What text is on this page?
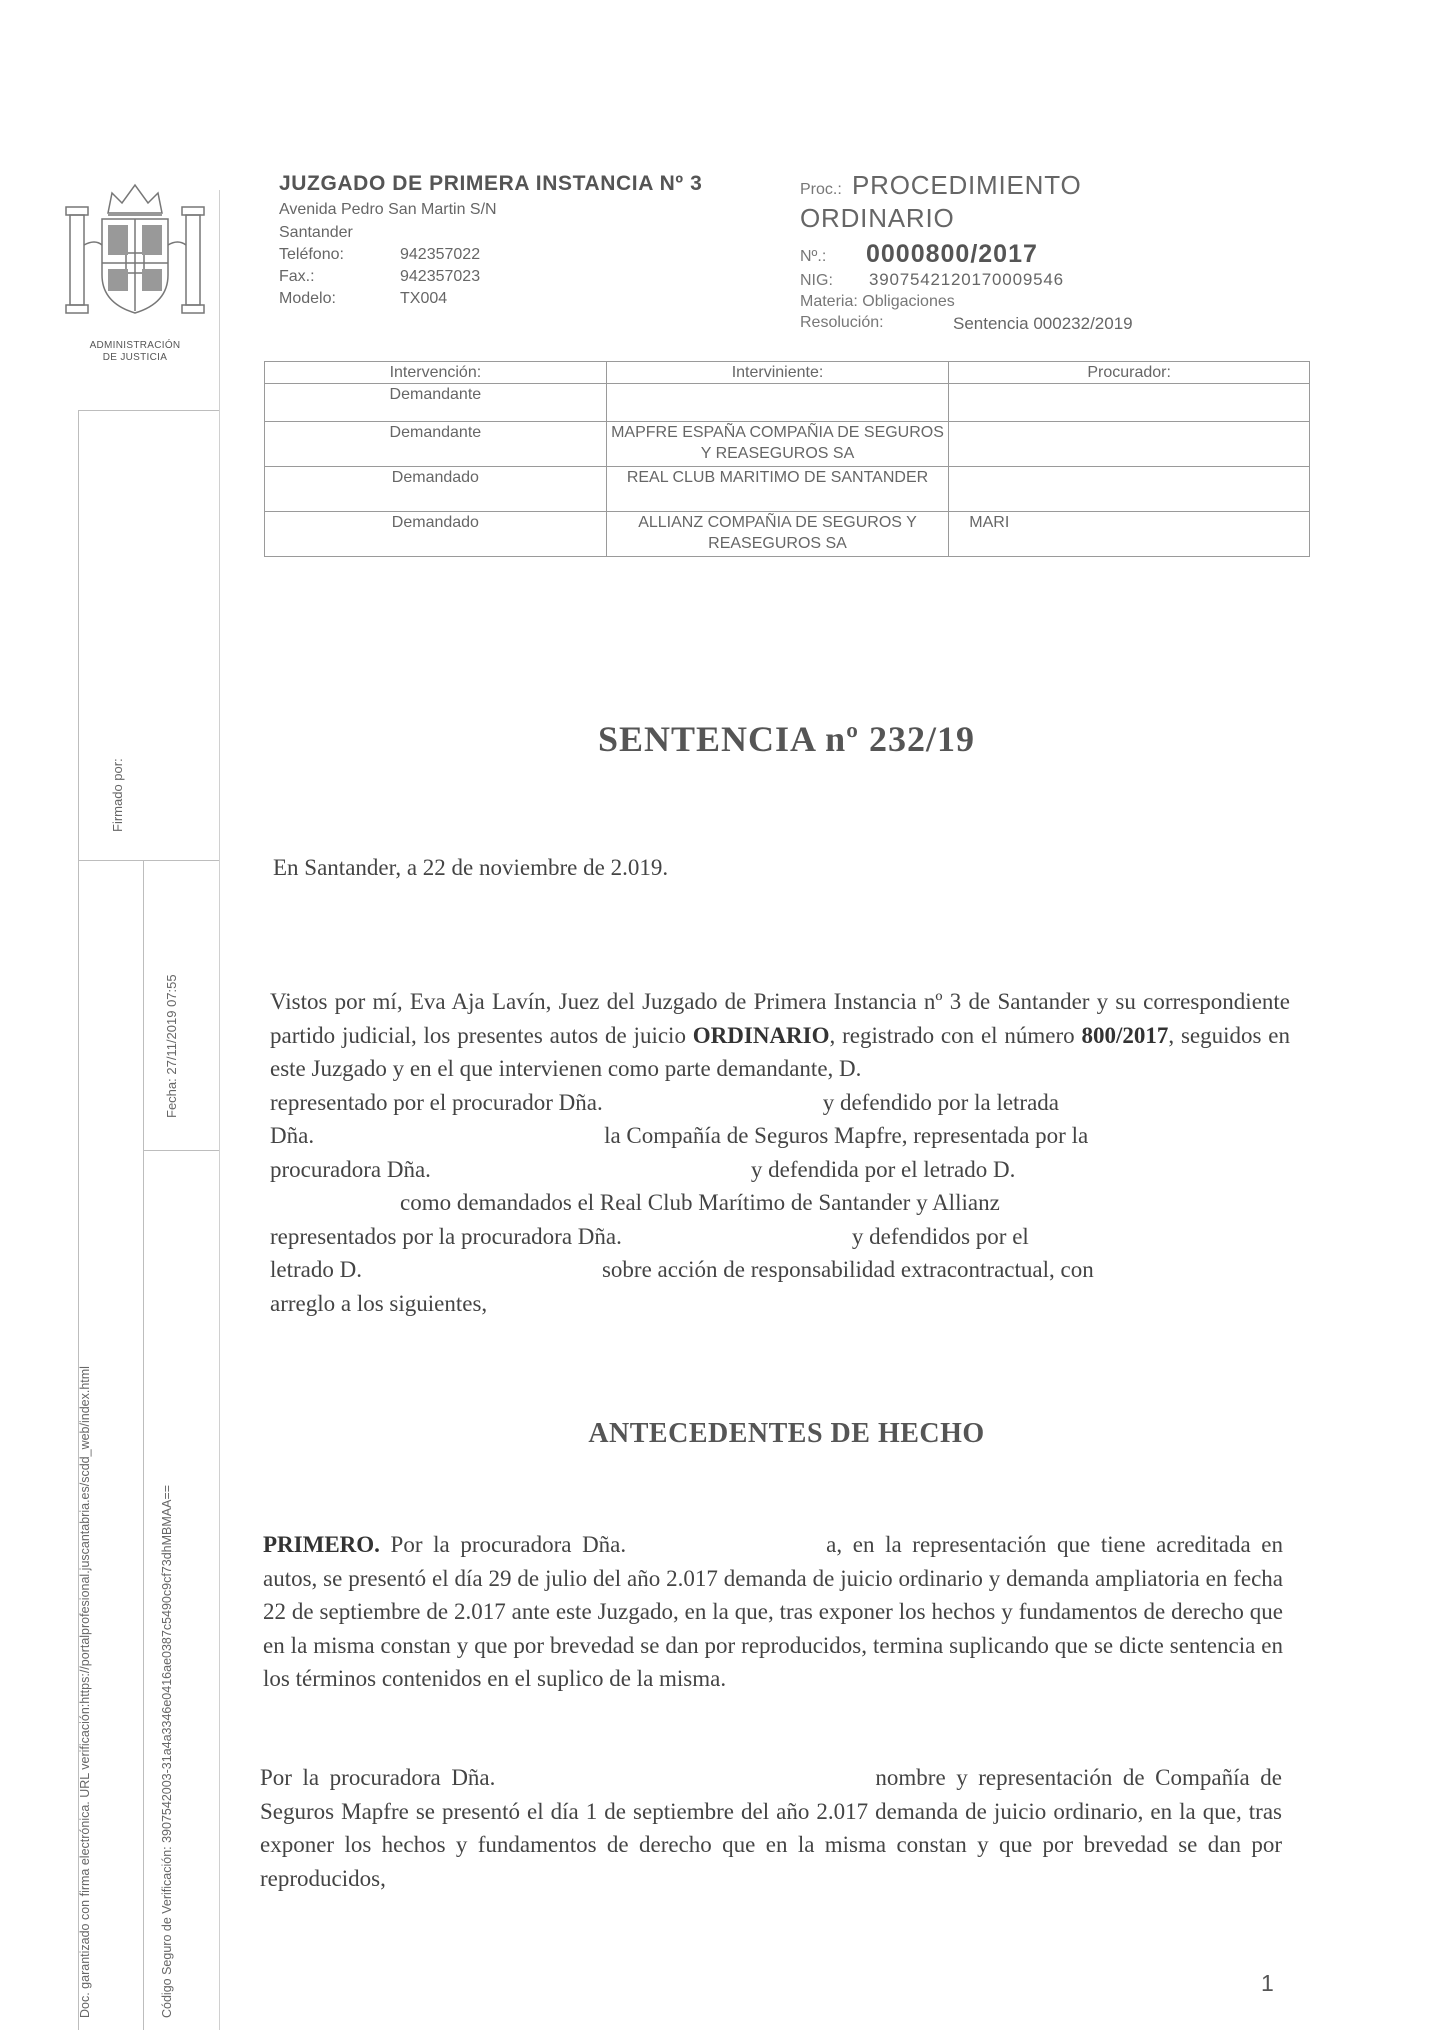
ADMINISTRACIÓN
DE JUSTICIA
Firmado por:
Fecha: 27/11/2019 07:55
Doc. garantizado con firma electrónica. URL verificación:https://portalprofesional.juscantabria.es/scdd_web/index.html	Código Seguro de Verificación: 3907542003-31a4a3346e0416ae0387c5490c9cf73dhMBMAA==
JUZGADO DE PRIMERA INSTANCIA Nº 3
Avenida Pedro San Martin S/N
Santander
Teléfono:	942357022
Fax.:	942357023
Modelo:	TX004
Proc.: PROCEDIMIENTO
ORDINARIO
Nº.: 0000800/2017
NIG: 3907542120170009546
Materia: Obligaciones
Resolución:	Sentencia 000232/2019
Intervención:	Interviniente:	Procurador:
Demandante		
Demandante	MAPFRE ESPAÑA COMPAÑIA DE SEGUROS Y REASEGUROS SA	
Demandado	REAL CLUB MARITIMO DE SANTANDER	
Demandado	ALLIANZ COMPAÑIA DE SEGUROS Y REASEGUROS SA	MARI
SENTENCIA nº 232/19
En Santander, a 22 de noviembre de 2.019.
Vistos por mí, Eva Aja Lavín, Juez del Juzgado de Primera Instancia nº 3 de Santander y su correspondiente partido judicial, los presentes autos de juicio ORDINARIO, registrado con el número 800/2017, seguidos en este Juzgado y en el que intervienen como parte demandante, D.
representado por el procurador Dña.	y defendido por la letrada
Dña.	la Compañía de Seguros Mapfre, representada por la
procuradora Dña.	y defendida por el letrado D.
como demandados el Real Club Marítimo de Santander y Allianz
representados por la procuradora Dña.	y defendidos por el
letrado D.	sobre acción de responsabilidad extracontractual, con
arreglo a los siguientes,
ANTECEDENTES DE HECHO
PRIMERO. Por la procuradora Dña.	a, en la representación que tiene acreditada en autos, se presentó el día 29 de julio del año 2.017 demanda de juicio ordinario y demanda ampliatoria en fecha 22 de septiembre de 2.017 ante este Juzgado, en la que, tras exponer los hechos y fundamentos de derecho que en la misma constan y que por brevedad se dan por reproducidos, termina suplicando que se dicte sentencia en los términos contenidos en el suplico de la misma.
Por la procuradora Dña.	nombre y representación de Compañía de Seguros Mapfre se presentó el día 1 de septiembre del año 2.017 demanda de juicio ordinario, en la que, tras exponer los hechos y fundamentos de derecho que en la misma constan y que por brevedad se dan por reproducidos,
1
